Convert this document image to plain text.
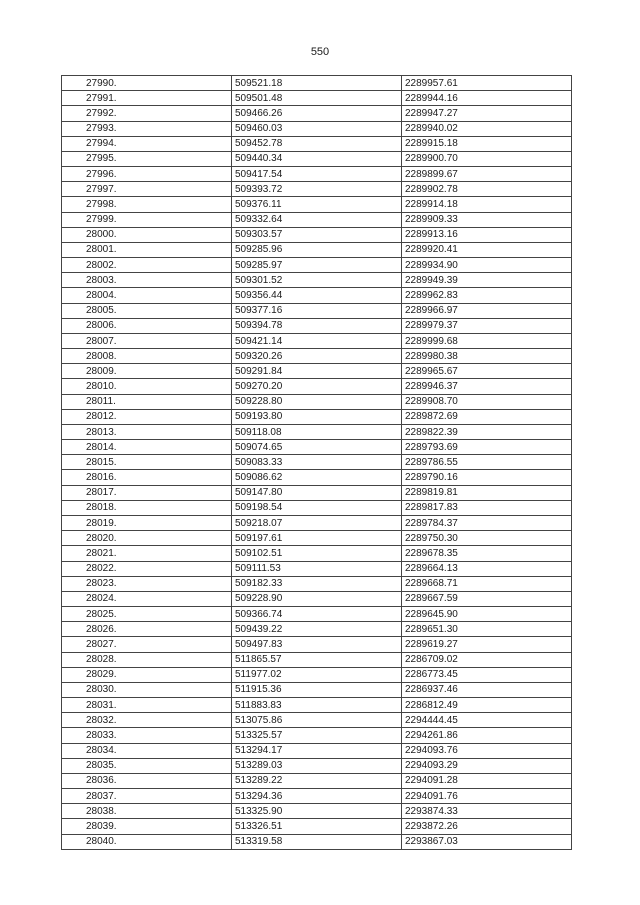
550
27990.	509521.18	2289957.61
27991.	509501.48	2289944.16
27992.	509466.26	2289947.27
27993.	509460.03	2289940.02
27994.	509452.78	2289915.18
27995.	509440.34	2289900.70
27996.	509417.54	2289899.67
27997.	509393.72	2289902.78
27998.	509376.11	2289914.18
27999.	509332.64	2289909.33
28000.	509303.57	2289913.16
28001.	509285.96	2289920.41
28002.	509285.97	2289934.90
28003.	509301.52	2289949.39
28004.	509356.44	2289962.83
28005.	509377.16	2289966.97
28006.	509394.78	2289979.37
28007.	509421.14	2289999.68
28008.	509320.26	2289980.38
28009.	509291.84	2289965.67
28010.	509270.20	2289946.37
28011.	509228.80	2289908.70
28012.	509193.80	2289872.69
28013.	509118.08	2289822.39
28014.	509074.65	2289793.69
28015.	509083.33	2289786.55
28016.	509086.62	2289790.16
28017.	509147.80	2289819.81
28018.	509198.54	2289817.83
28019.	509218.07	2289784.37
28020.	509197.61	2289750.30
28021.	509102.51	2289678.35
28022.	509111.53	2289664.13
28023.	509182.33	2289668.71
28024.	509228.90	2289667.59
28025.	509366.74	2289645.90
28026.	509439.22	2289651.30
28027.	509497.83	2289619.27
28028.	511865.57	2286709.02
28029.	511977.02	2286773.45
28030.	511915.36	2286937.46
28031.	511883.83	2286812.49
28032.	513075.86	2294444.45
28033.	513325.57	2294261.86
28034.	513294.17	2294093.76
28035.	513289.03	2294093.29
28036.	513289.22	2294091.28
28037.	513294.36	2294091.76
28038.	513325.90	2293874.33
28039.	513326.51	2293872.26
28040.	513319.58	2293867.03
